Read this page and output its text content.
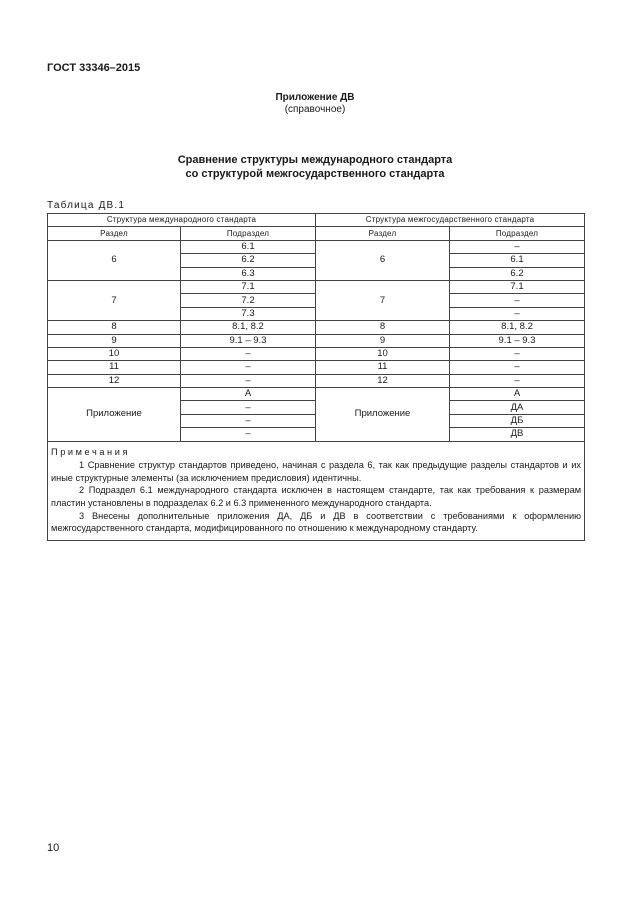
ГОСТ 33346–2015
Приложение ДВ
(справочное)
Сравнение структуры международного стандарта
со структурой межгосударственного стандарта
Таблица ДВ.1
Структура международного стандарта		Структура межгосударственного стандарта	
Раздел	Подраздел	Раздел	Подраздел
6	6.1	6	–
	6.2		6.1
	6.3		6.2
7	7.1	7	7.1
	7.2		–
	7.3		–
8	8.1, 8.2	8	8.1, 8.2
9	9.1 – 9.3	9	9.1 – 9.3
10	–	10	–
11	–	11	–
12	–	12	–
Приложение	А	Приложение	А
	–		ДА
	–		ДБ
	–		ДВ

Примечания
1 Сравнение структур стандартов приведено, начиная с раздела 6, так как предыдущие разделы стандартов и их иные структурные элементы (за исключением предисловия) идентичны.
2 Подраздел 6.1 международного стандарта исключен в настоящем стандарте, так как требования к размерам пластин установлены в подразделах 6.2 и 6.3 примененного международного стандарта.
3 Внесены дополнительные приложения ДА, ДБ и ДВ в соответствии с требованиями к оформлению межгосударственного стандарта, модифицированного по отношению к международному стандарту.			
10
